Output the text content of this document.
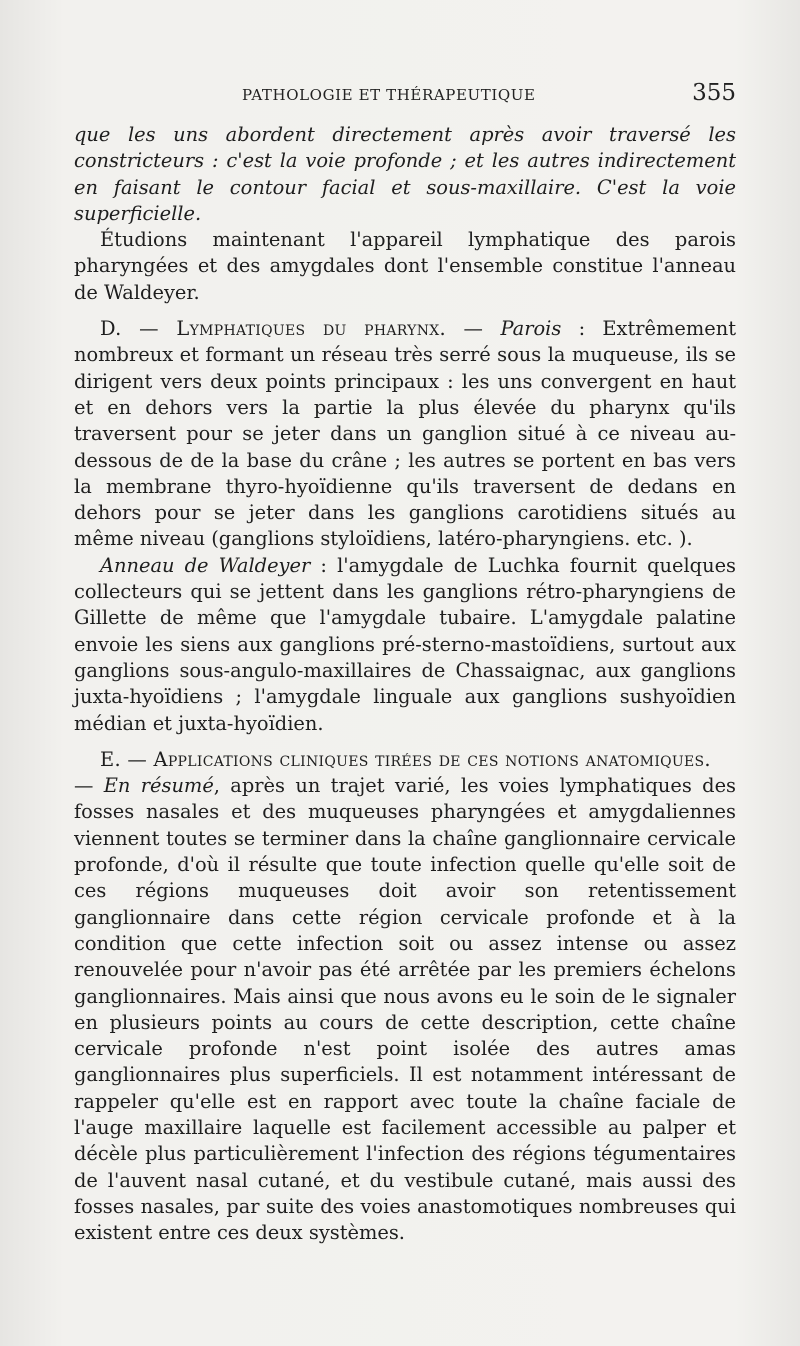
PATHOLOGIE ET THÉRAPEUTIQUE	355

que les uns abordent directement après avoir traversé les constricteurs : c'est la voie profonde ; et les autres indirectement en faisant le contour facial et sous-maxillaire. C'est la voie superficielle.

Étudions maintenant l'appareil lymphatique des parois pharyngées et des amygdales dont l'ensemble constitue l'anneau de Waldeyer.

D. — Lymphatiques du pharynx. — Parois : Extrêmement nombreux et formant un réseau très serré sous la muqueuse, ils se dirigent vers deux points principaux : les uns convergent en haut et en dehors vers la partie la plus élevée du pharynx qu'ils traversent pour se jeter dans un ganglion situé à ce niveau au-dessous de de la base du crâne ; les autres se portent en bas vers la membrane thyro-hyoïdienne qu'ils traversent de dedans en dehors pour se jeter dans les ganglions carotidiens situés au même niveau (ganglions styloïdiens, latéro-pharyngiens. etc. ).

Anneau de Waldeyer : l'amygdale de Luchka fournit quelques collecteurs qui se jettent dans les ganglions rétro-pharyngiens de Gillette de même que l'amygdale tubaire. L'amygdale palatine envoie les siens aux ganglions pré-sterno-mastoïdiens, surtout aux ganglions sous-angulo-maxillaires de Chassaignac, aux ganglions juxta-hyoïdiens ; l'amygdale linguale aux ganglions sushyoïdien médian et juxta-hyoïdien.

E. — Applications cliniques tirées de ces notions anatomiques.
— En résumé, après un trajet varié, les voies lymphatiques des fosses nasales et des muqueuses pharyngées et amygdaliennes viennent toutes se terminer dans la chaîne ganglionnaire cervicale profonde, d'où il résulte que toute infection quelle qu'elle soit de ces régions muqueuses doit avoir son retentissement ganglionnaire dans cette région cervicale profonde et à la condition que cette infection soit ou assez intense ou assez renouvelée pour n'avoir pas été arrêtée par les premiers échelons ganglionnaires. Mais ainsi que nous avons eu le soin de le signaler en plusieurs points au cours de cette description, cette chaîne cervicale profonde n'est point isolée des autres amas ganglionnaires plus superficiels. Il est notamment intéressant de rappeler qu'elle est en rapport avec toute la chaîne faciale de l'auge maxillaire laquelle est facilement accessible au palper et décèle plus particulièrement l'infection des régions tégumentaires de l'auvent nasal cutané, et du vestibule cutané, mais aussi des fosses nasales, par suite des voies anastomotiques nombreuses qui existent entre ces deux systèmes.
